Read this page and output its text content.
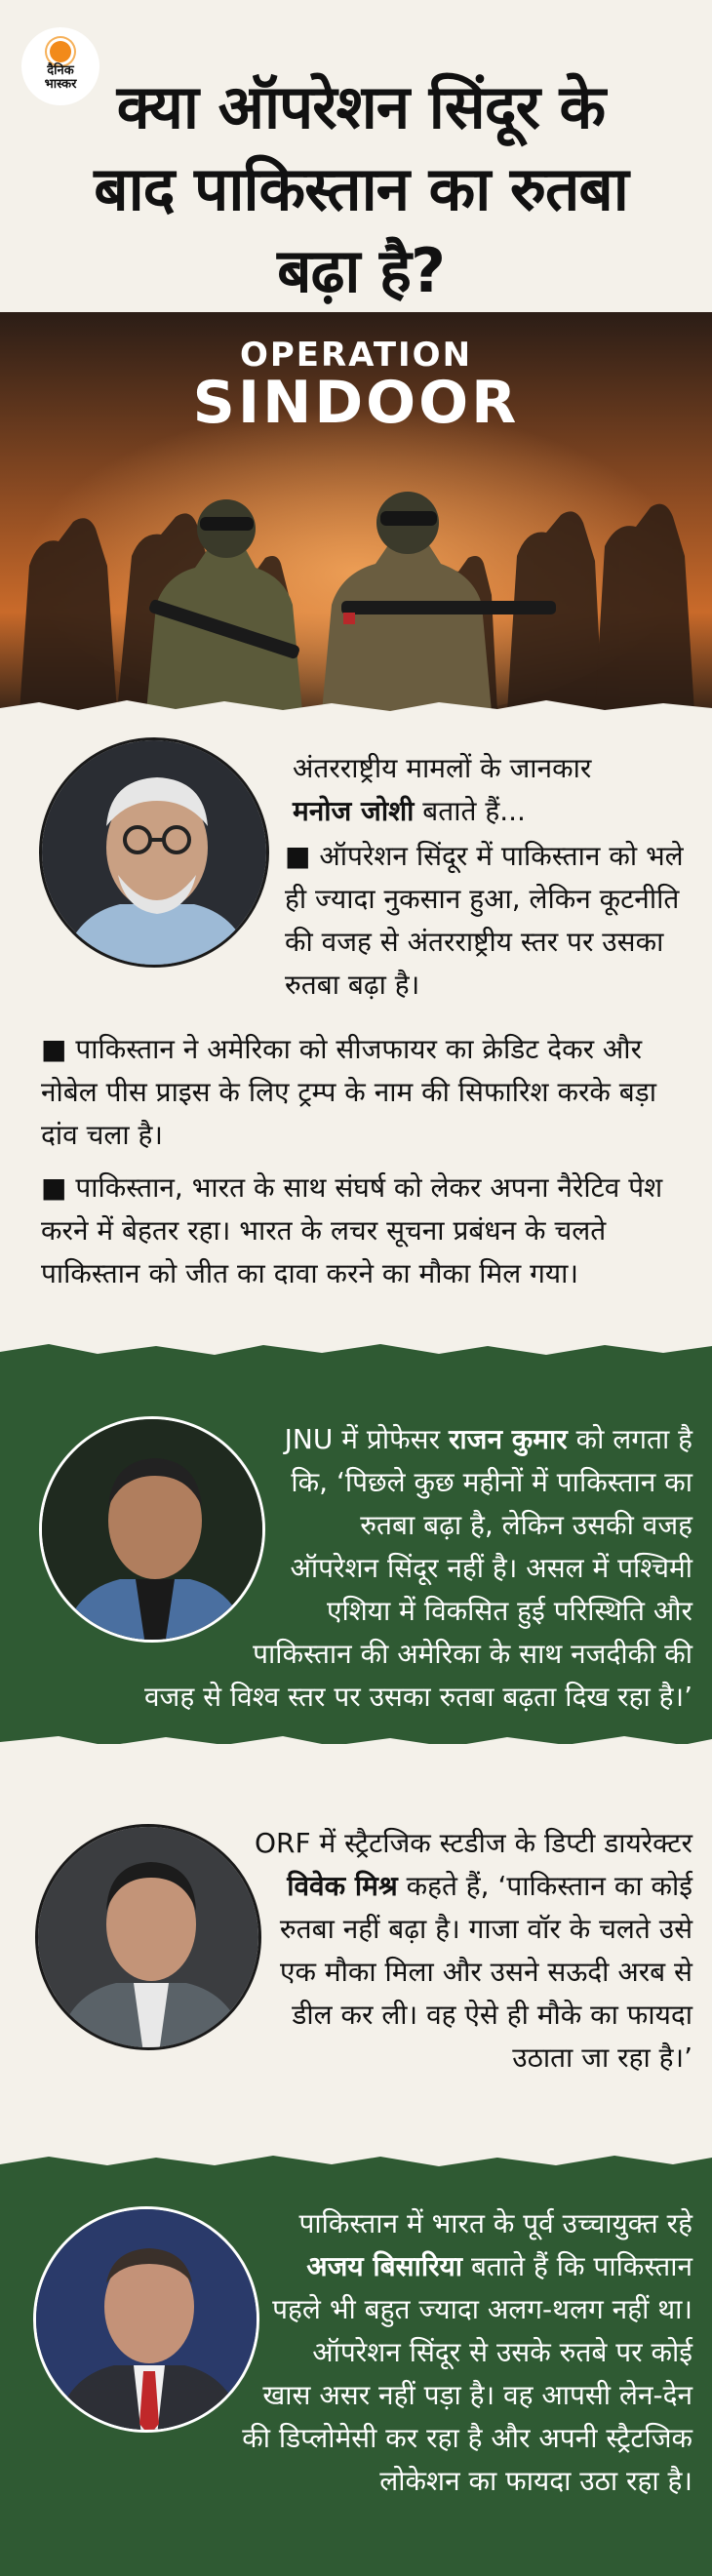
दैनिक
भास्कर क्या ऑपरेशन सिंदूर के बाद पाकिस्तान का रुतबा बढ़ा है?
OPERATION
SINDOOR
अंतरराष्ट्रीय मामलों के जानकार
मनोज जोशी बताते हैं...
■ ऑपरेशन सिंदूर में पाकिस्तान को भले ही ज्यादा नुकसान हुआ, लेकिन कूटनीति की वजह से अंतरराष्ट्रीय स्तर पर उसका रुतबा बढ़ा है।
■ पाकिस्तान ने अमेरिका को सीजफायर का क्रेडिट देकर और नोबेल पीस प्राइस के लिए ट्रम्प के नाम की सिफारिश करके बड़ा दांव चला है।
■ पाकिस्तान, भारत के साथ संघर्ष को लेकर अपना नैरेटिव पेश करने में बेहतर रहा। भारत के लचर सूचना प्रबंधन के चलते पाकिस्तान को जीत का दावा करने का मौका मिल गया।
JNU में प्रोफेसर राजन कुमार को लगता है कि, ‘पिछले कुछ महीनों में पाकिस्तान का रुतबा बढ़ा है, लेकिन उसकी वजह ऑपरेशन सिंदूर नहीं है। असल में पश्चिमी एशिया में विकसित हुई परिस्थिति और पाकिस्तान की अमेरिका के साथ नजदीकी की वजह से विश्व स्तर पर उसका रुतबा बढ़ता दिख रहा है।’
ORF में स्ट्रैटजिक स्टडीज के डिप्टी डायरेक्टर विवेक मिश्र कहते हैं, ‘पाकिस्तान का कोई रुतबा नहीं बढ़ा है। गाजा वॉर के चलते उसे एक मौका मिला और उसने सऊदी अरब से डील कर ली। वह ऐसे ही मौके का फायदा उठाता जा रहा है।’
पाकिस्तान में भारत के पूर्व उच्चायुक्त रहे अजय बिसारिया बताते हैं कि पाकिस्तान पहले भी बहुत ज्यादा अलग-थलग नहीं था। ऑपरेशन सिंदूर से उसके रुतबे पर कोई खास असर नहीं पड़ा है। वह आपसी लेन-देन की डिप्लोमेसी कर रहा है और अपनी स्ट्रैटजिक लोकेशन का फायदा उठा रहा है।
